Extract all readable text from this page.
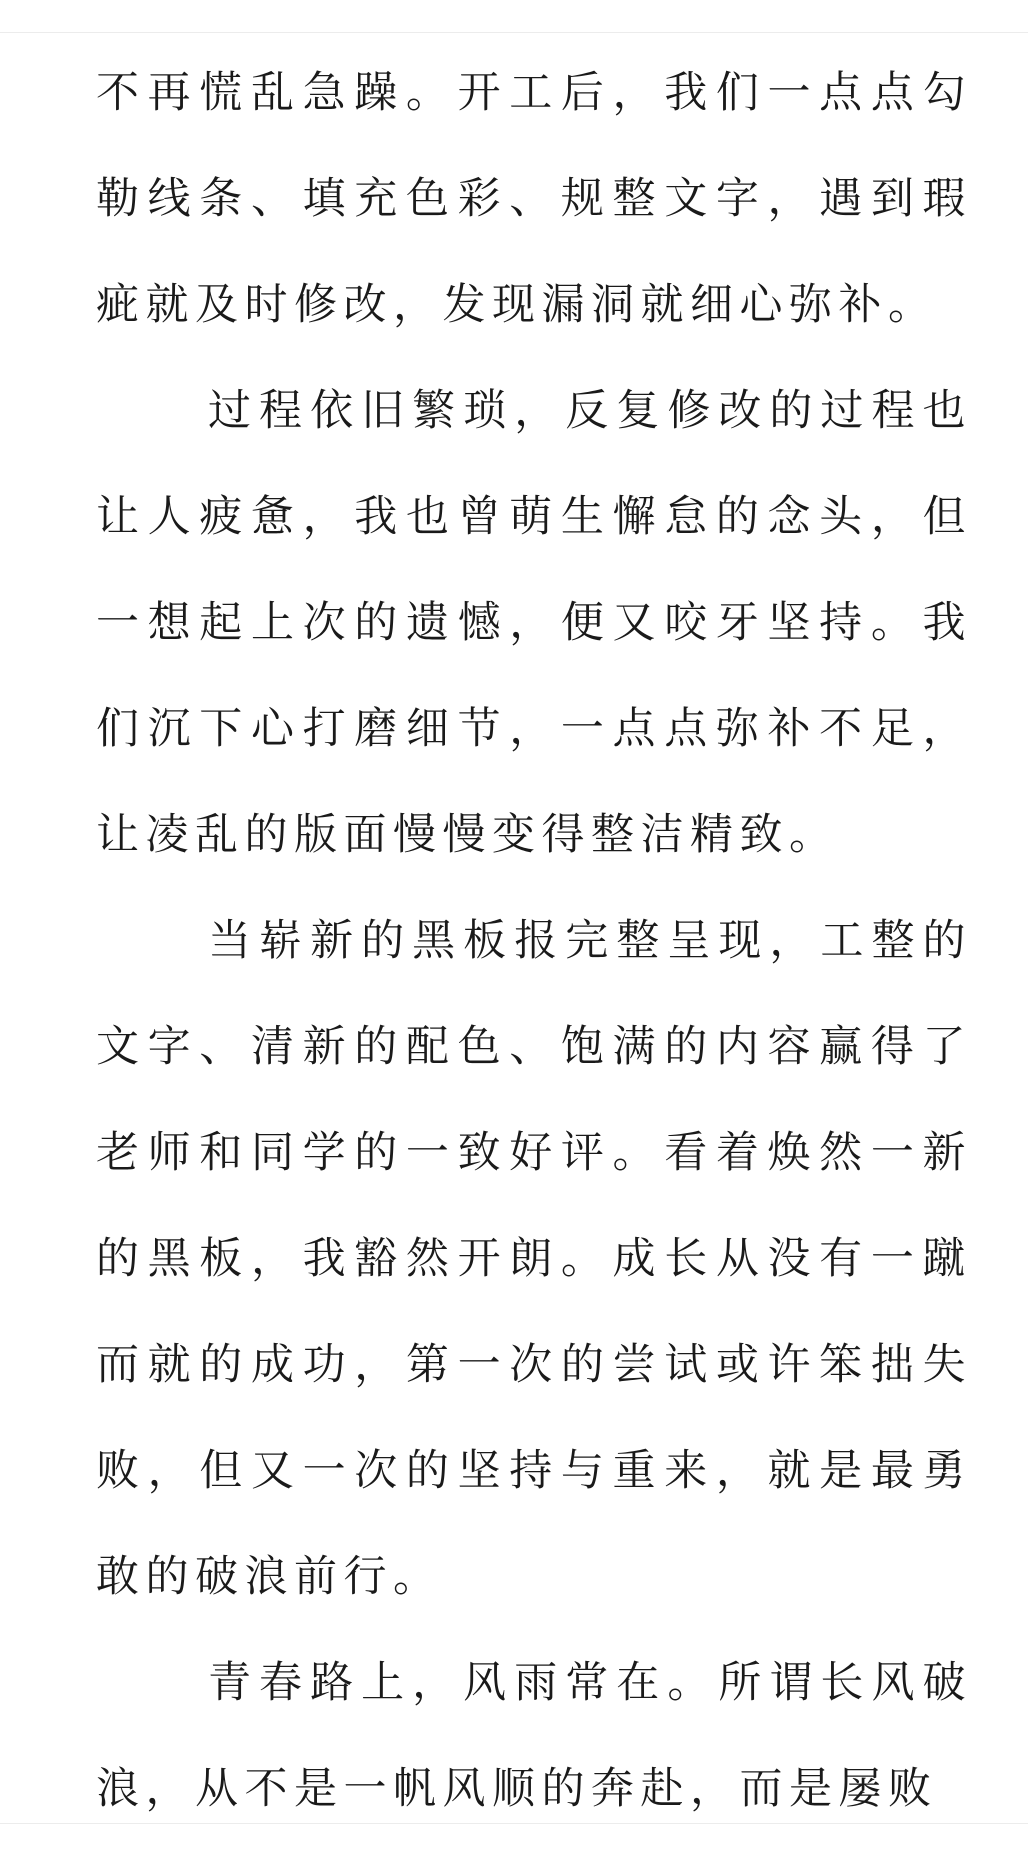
不再慌乱急躁。开工后，我们一点点勾勒线条、填充色彩、规整文字，遇到瑕疵就及时修改，发现漏洞就细心弥补。

过程依旧繁琐，反复修改的过程也让人疲惫，我也曾萌生懈怠的念头，但一想起上次的遗憾，便又咬牙坚持。我们沉下心打磨细节，一点点弥补不足，让凌乱的版面慢慢变得整洁精致。

当崭新的黑板报完整呈现，工整的文字、清新的配色、饱满的内容赢得了老师和同学的一致好评。看着焕然一新的黑板，我豁然开朗。成长从没有一蹴而就的成功，第一次的尝试或许笨拙失败，但又一次的坚持与重来，就是最勇敢的破浪前行。

青春路上，风雨常在。所谓长风破浪，从不是一帆风顺的奔赴，而是屡败
